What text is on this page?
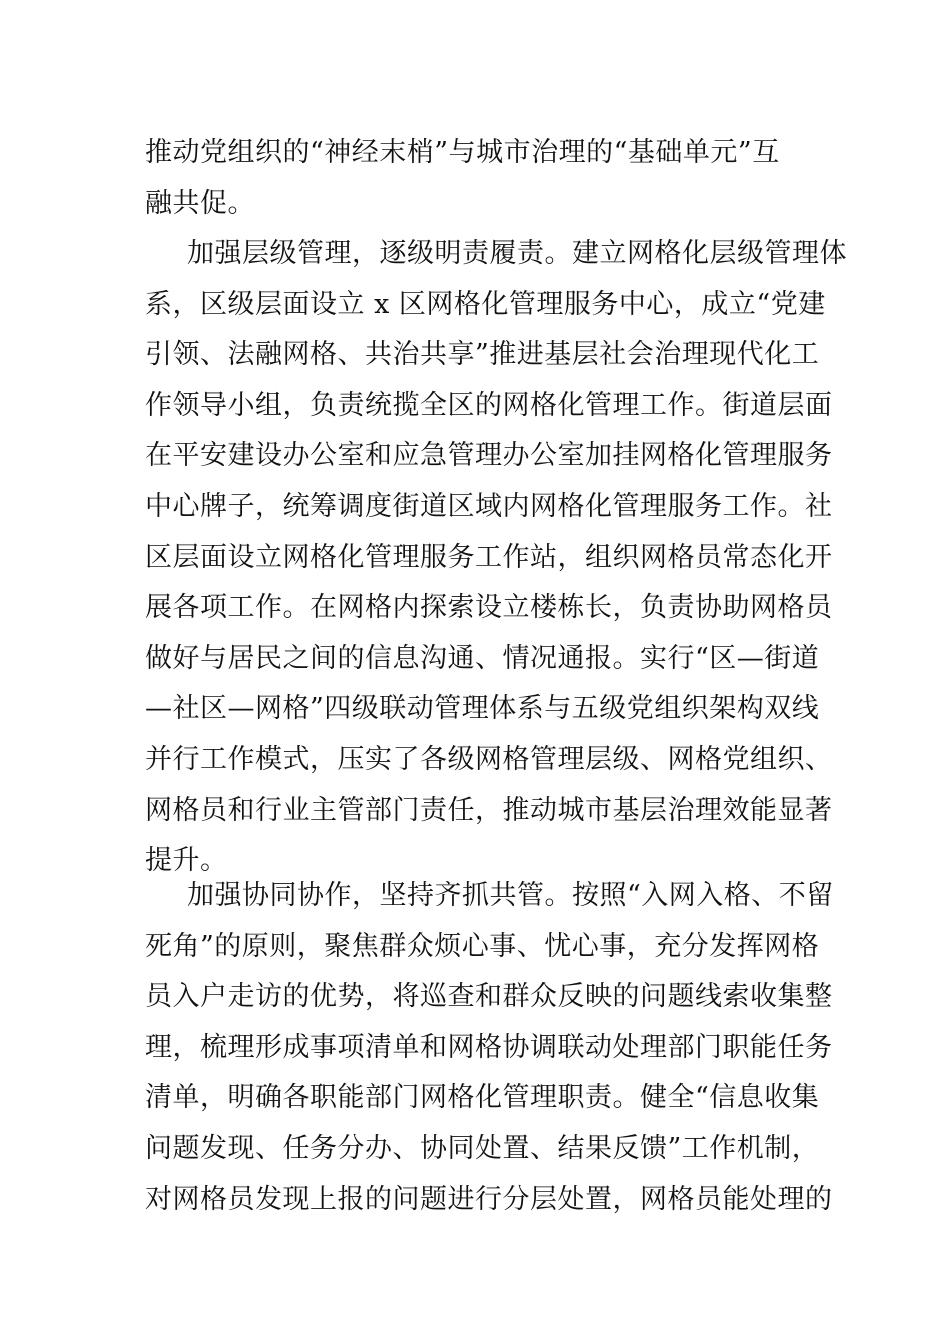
推动党组织的“神经末梢”与城市治理的“基础单元”互
融共促。
加强层级管理，逐级明责履责。建立网格化层级管理体
系，区级层面设立 x 区网格化管理服务中心，成立“党建
引领、法融网格、共治共享”推进基层社会治理现代化工
作领导小组，负责统揽全区的网格化管理工作。街道层面
在平安建设办公室和应急管理办公室加挂网格化管理服务
中心牌子，统筹调度街道区域内网格化管理服务工作。社
区层面设立网格化管理服务工作站，组织网格员常态化开
展各项工作。在网格内探索设立楼栋长，负责协助网格员
做好与居民之间的信息沟通、情况通报。实行“区—街道
—社区—网格”四级联动管理体系与五级党组织架构双线
并行工作模式，压实了各级网格管理层级、网格党组织、
网格员和行业主管部门责任，推动城市基层治理效能显著
提升。
加强协同协作，坚持齐抓共管。按照“入网入格、不留
死角”的原则，聚焦群众烦心事、忧心事，充分发挥网格
员入户走访的优势，将巡查和群众反映的问题线索收集整
理，梳理形成事项清单和网格协调联动处理部门职能任务
清单，明确各职能部门网格化管理职责。健全“信息收集
问题发现、任务分办、协同处置、结果反馈”工作机制，
对网格员发现上报的问题进行分层处置，网格员能处理的
